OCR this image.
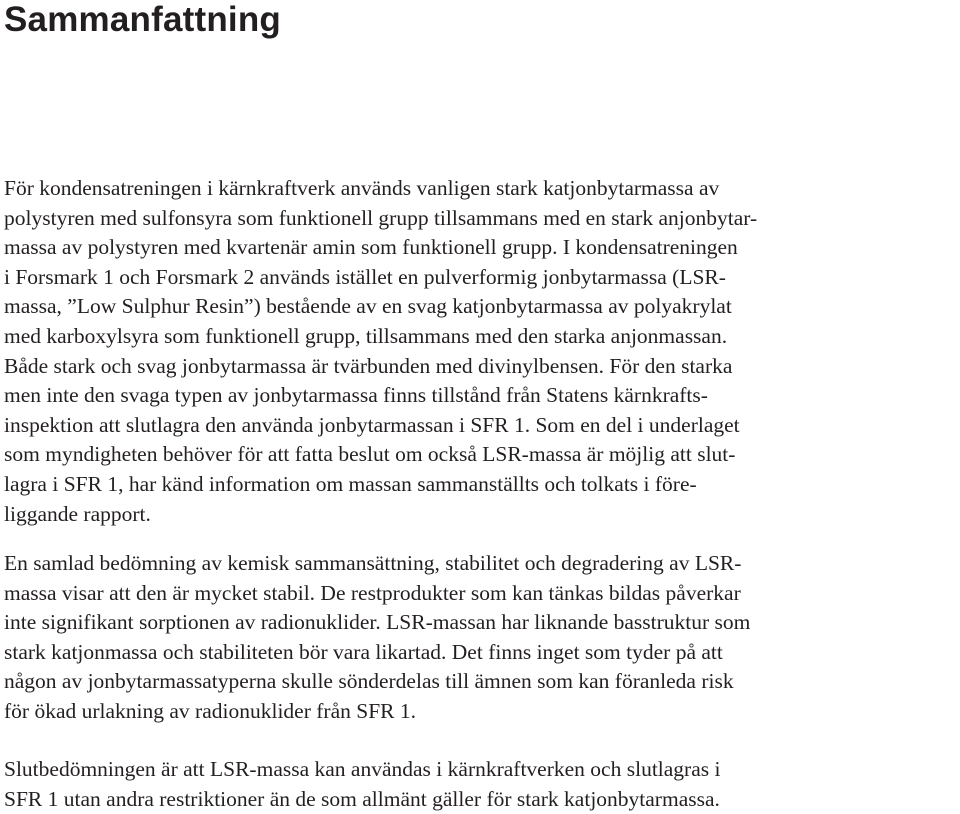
Sammanfattning
För kondensatreningen i kärnkraftverk används vanligen stark katjonbytarmassa av
polystyren med sulfonsyra som funktionell grupp tillsammans med en stark anjonbytar-
massa av polystyren med kvartenär amin som funktionell grupp. I kondensatreningen
i Forsmark 1 och Forsmark 2 används istället en pulverformig jonbytarmassa (LSR-
massa, ”Low Sulphur Resin”) bestående av en svag katjonbytarmassa av polyakrylat
med karboxylsyra som funktionell grupp, tillsammans med den starka anjonmassan.
Både stark och svag jonbytarmassa är tvärbunden med divinylbensen. För den starka
men inte den svaga typen av jonbytarmassa finns tillstånd från Statens kärnkrafts-
inspektion att slutlagra den använda jonbytarmassan i SFR 1. Som en del i underlaget
som myndigheten behöver för att fatta beslut om också LSR-massa är möjlig att slut-
lagra i SFR 1, har känd information om massan sammanställts och tolkats i före-
liggande rapport.
En samlad bedömning av kemisk sammansättning, stabilitet och degradering av LSR-
massa visar att den är mycket stabil. De restprodukter som kan tänkas bildas påverkar
inte signifikant sorptionen av radionuklider. LSR-massan har liknande basstruktur som
stark katjonmassa och stabiliteten bör vara likartad. Det finns inget som tyder på att
någon av jonbytarmassatyperna skulle sönderdelas till ämnen som kan föranleda risk
för ökad urlakning av radionuklider från SFR 1.
Slutbedömningen är att LSR-massa kan användas i kärnkraftverken och slutlagras i
SFR 1 utan andra restriktioner än de som allmänt gäller för stark katjonbytarmassa.
